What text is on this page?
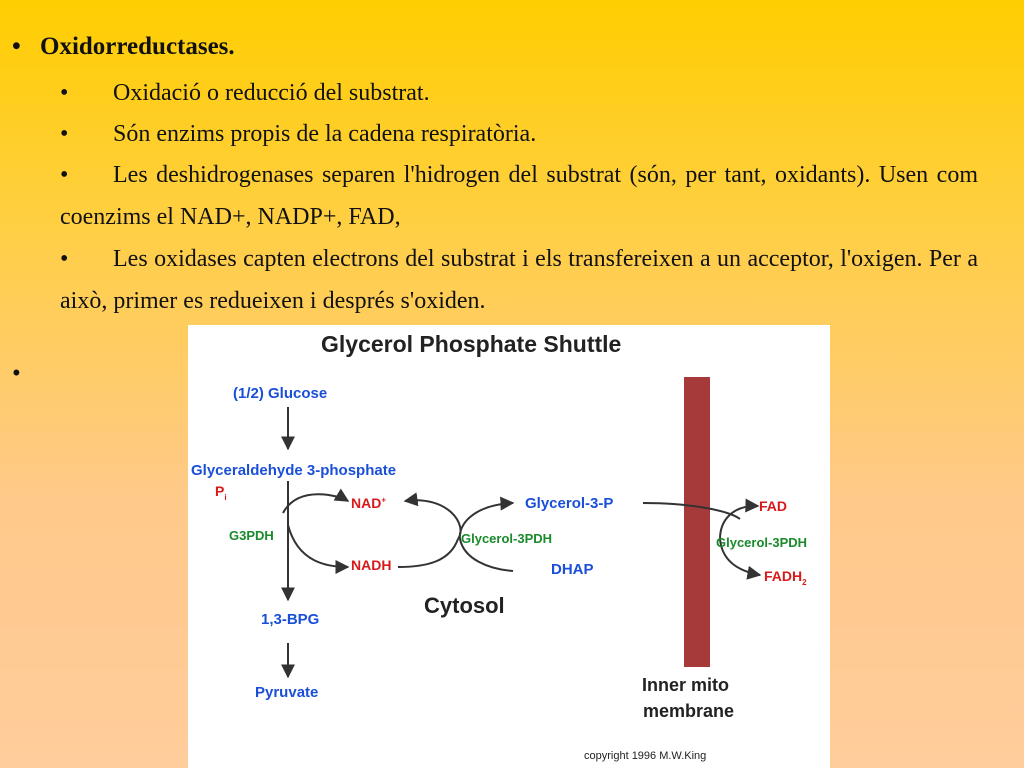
• Oxidorreductases.
• Oxidació o reducció del substrat.
• Són enzims propis de la cadena respiratòria.
• Les deshidrogenases separen l'hidrogen del substrat (són, per tant, oxidants). Usen com coenzims el NAD+, NADP+, FAD,
• Les oxidases capten electrons del substrat i els transfereixen a un acceptor, l'oxigen. Per a això, primer es redueixen i després s'oxiden.
•
Glycerol Phosphate Shuttle
(1/2) Glucose
Glyceraldehyde 3-phosphate
$P_i$
G3PDH
NAD+
NADH
1,3-BPG
Pyruvate
Glycerol-3-P
Glycerol-3PDH
DHAP
Cytosol
FAD
Glycerol-3PDH
$FADH_2$
Inner mito
membrane
copyright 1996 M.W.King
